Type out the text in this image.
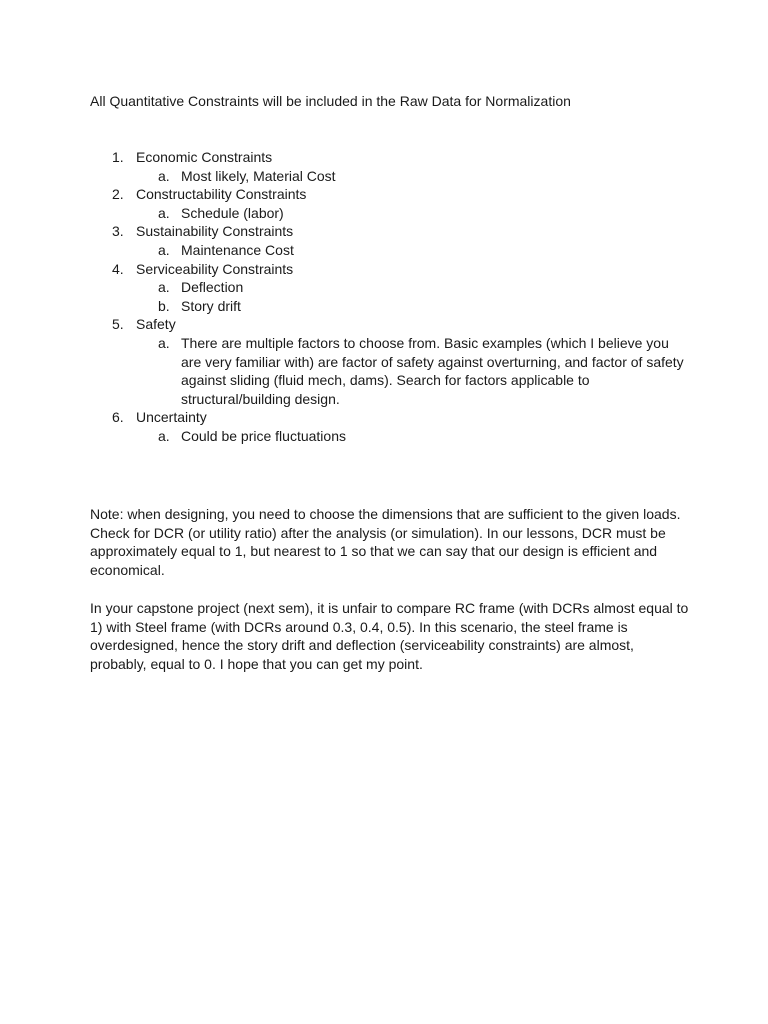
All Quantitative Constraints will be included in the Raw Data for Normalization

1. Economic Constraints
a. Most likely, Material Cost
2. Constructability Constraints
a. Schedule (labor)
3. Sustainability Constraints
a. Maintenance Cost
4. Serviceability Constraints
a. Deflection
b. Story drift
5. Safety
a. There are multiple factors to choose from. Basic examples (which I believe you are very familiar with) are factor of safety against overturning, and factor of safety against sliding (fluid mech, dams). Search for factors applicable to structural/building design.
6. Uncertainty
a. Could be price fluctuations

Note: when designing, you need to choose the dimensions that are sufficient to the given loads. Check for DCR (or utility ratio) after the analysis (or simulation). In our lessons, DCR must be approximately equal to 1, but nearest to 1 so that we can say that our design is efficient and economical.

In your capstone project (next sem), it is unfair to compare RC frame (with DCRs almost equal to 1) with Steel frame (with DCRs around 0.3, 0.4, 0.5). In this scenario, the steel frame is overdesigned, hence the story drift and deflection (serviceability constraints) are almost, probably, equal to 0. I hope that you can get my point.
